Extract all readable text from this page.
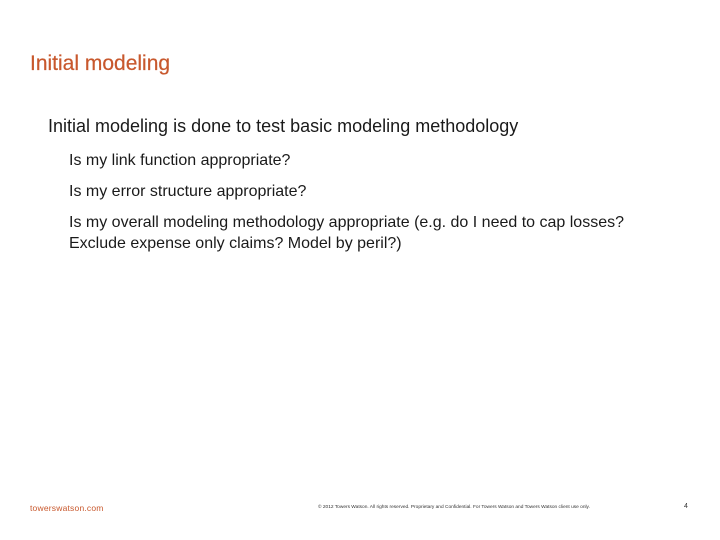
Initial modeling
Initial modeling is done to test basic modeling methodology
Is my link function appropriate?
Is my error structure appropriate?
Is my overall modeling methodology appropriate (e.g. do I need to cap losses? Exclude expense only claims? Model by peril?)
towerswatson.com	© 2012 Towers Watson. All rights reserved. Proprietary and Confidential. For Towers Watson and Towers Watson client use only.	4
